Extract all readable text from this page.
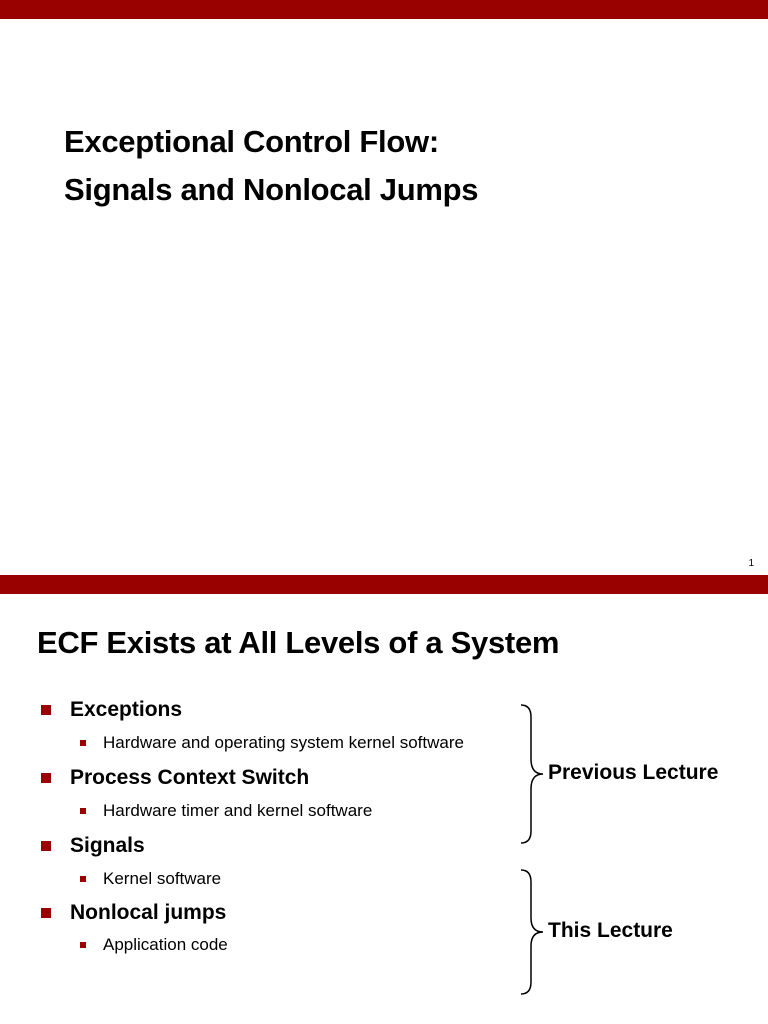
Exceptional Control Flow:
Signals and Nonlocal Jumps
1
ECF Exists at All Levels of a System
Exceptions
Hardware and operating system kernel software
Process Context Switch
Hardware timer and kernel software
Signals
Kernel software
Nonlocal jumps
Application code
Previous Lecture
This Lecture
